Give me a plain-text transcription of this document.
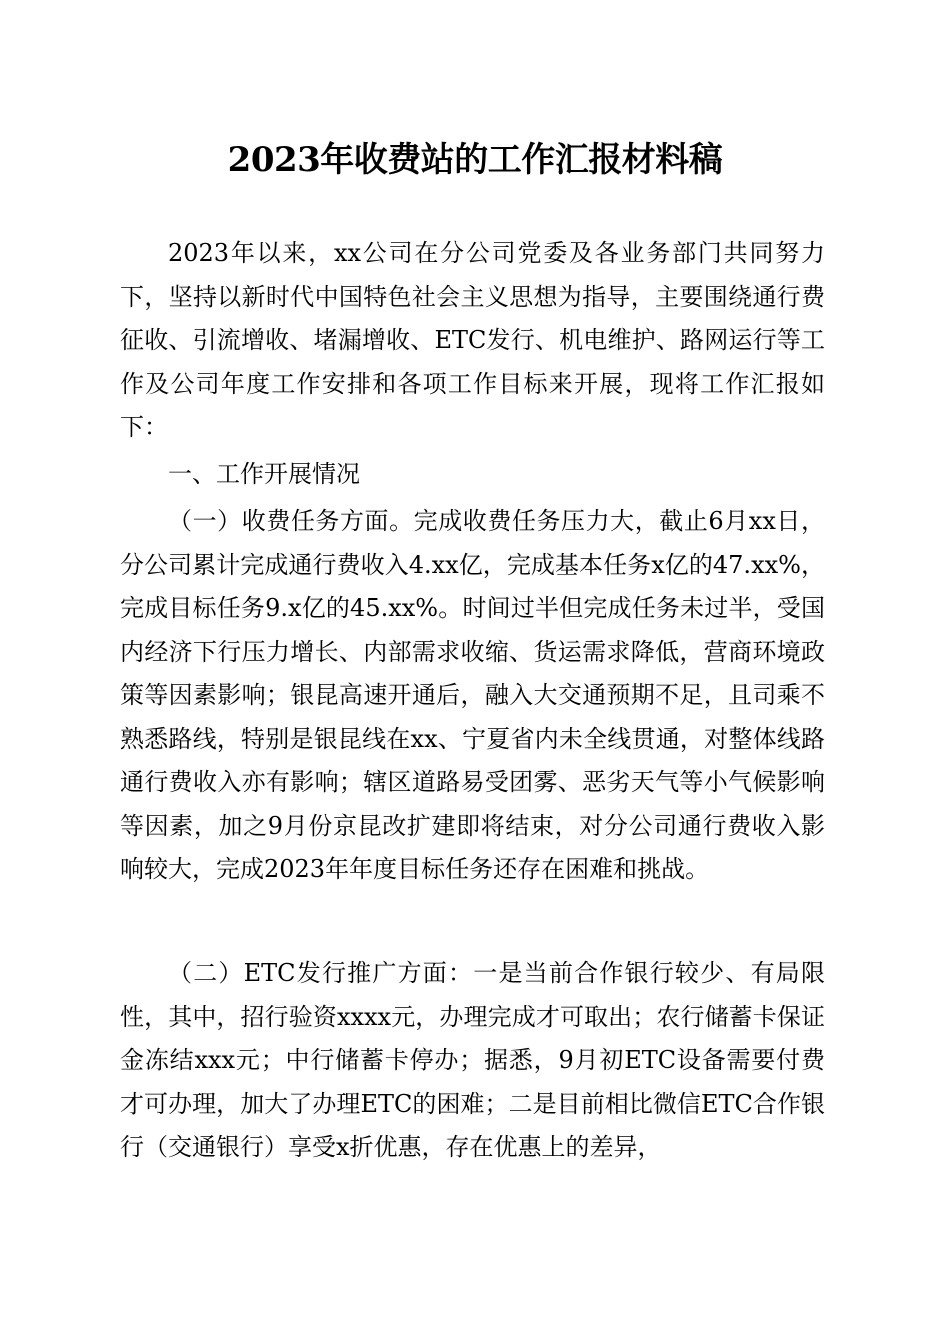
2023年收费站的工作汇报材料稿
2023年以来，xx公司在分公司党委及各业务部门共同努力下，坚持以新时代中国特色社会主义思想为指导，主要围绕通行费征收、引流增收、堵漏增收、ETC发行、机电维护、路网运行等工作及公司年度工作安排和各项工作目标来开展，现将工作汇报如下：
一、工作开展情况
（一）收费任务方面。完成收费任务压力大，截止6月xx日，分公司累计完成通行费收入4.xx亿，完成基本任务x亿的47.xx%，完成目标任务9.x亿的45.xx%。时间过半但完成任务未过半，受国内经济下行压力增长、内部需求收缩、货运需求降低，营商环境政策等因素影响；银昆高速开通后，融入大交通预期不足，且司乘不熟悉路线，特别是银昆线在xx、宁夏省内未全线贯通，对整体线路通行费收入亦有影响；辖区道路易受团雾、恶劣天气等小气候影响等因素，加之9月份京昆改扩建即将结束，对分公司通行费收入影响较大，完成2023年年度目标任务还存在困难和挑战。
（二）ETC发行推广方面：一是当前合作银行较少、有局限性，其中，招行验资xxxx元，办理完成才可取出；农行储蓄卡保证金冻结xxx元；中行储蓄卡停办；据悉，9月初ETC设备需要付费才可办理，加大了办理ETC的困难；二是目前相比微信ETC合作银行（交通银行）享受x折优惠，存在优惠上的差异，
